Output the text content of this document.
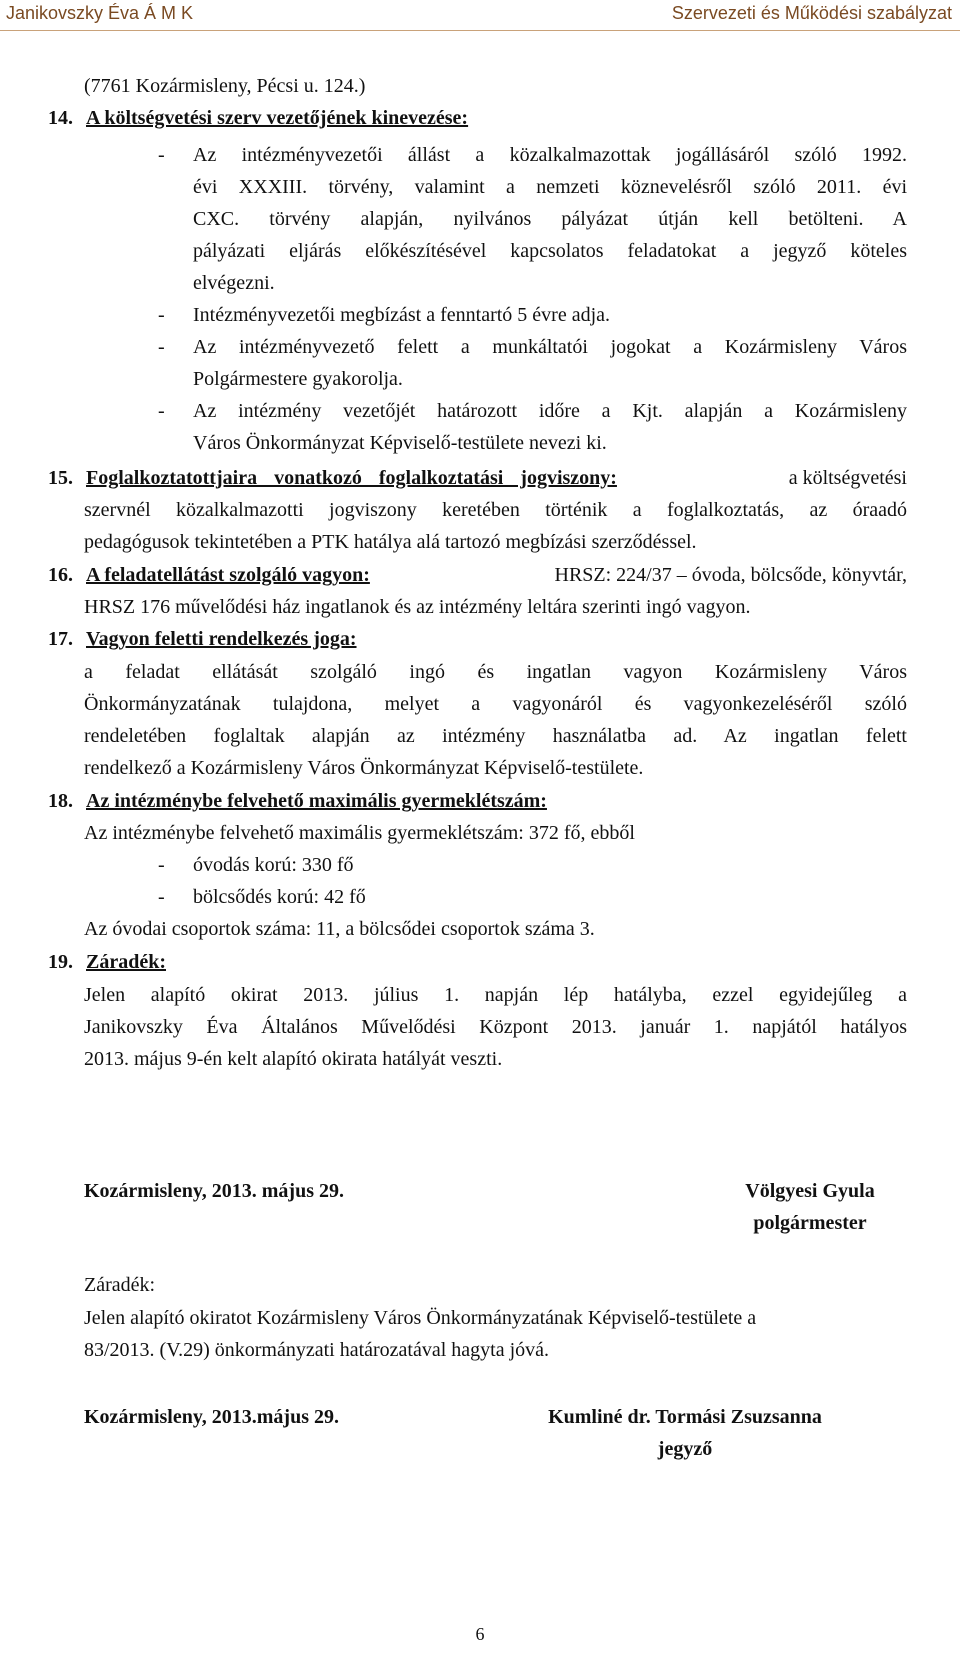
Janikovszky Éva Á M K	Szervezeti és Működési szabályzat
(7761 Kozármisleny, Pécsi u. 124.)
14. A költségvetési szerv vezetőjének kinevezése:
- Az intézményvezetői állást a közalkalmazottak jogállásáról szóló 1992.
évi XXXIII. törvény, valamint a nemzeti köznevelésről szóló 2011. évi
CXC. törvény alapján, nyilvános pályázat útján kell betölteni. A
pályázati eljárás előkészítésével kapcsolatos feladatokat a jegyző köteles
elvégezni.
- Intézményvezetői megbízást a fenntartó 5 évre adja.
- Az intézményvezető felett a munkáltatói jogokat a Kozármisleny Város
Polgármestere gyakorolja.
- Az intézmény vezetőjét határozott időre a Kjt. alapján a Kozármisleny
Város Önkormányzat Képviselő-testülete nevezi ki.
15. Foglalkoztatottjaira vonatkozó foglalkoztatási jogviszony:	a költségvetési
szervnél közalkalmazotti jogviszony keretében történik a foglalkoztatás, az óraadó
pedagógusok tekintetében a PTK hatálya alá tartozó megbízási szerződéssel.
16. A feladatellátást szolgáló vagyon:	HRSZ: 224/37 – óvoda, bölcsőde, könyvtár,
HRSZ 176 művelődési ház ingatlanok és az intézmény leltára szerinti ingó vagyon.
17. Vagyon feletti rendelkezés joga:
a feladat ellátását szolgáló ingó és ingatlan vagyon Kozármisleny Város
Önkormányzatának tulajdona, melyet a vagyonáról és vagyonkezeléséről szóló
rendeletében foglaltak alapján az intézmény használatba ad. Az ingatlan felett
rendelkező a Kozármisleny Város Önkormányzat Képviselő-testülete.
18. Az intézménybe felvehető maximális gyermeklétszám:
Az intézménybe felvehető maximális gyermeklétszám: 372 fő, ebből
- óvodás korú: 330 fő
- bölcsődés korú: 42 fő
Az óvodai csoportok száma: 11, a bölcsődei csoportok száma 3.
19. Záradék:
Jelen alapító okirat 2013. július 1. napján lép hatályba, ezzel egyidejűleg a
Janikovszky Éva Általános Művelődési Központ 2013. január 1. napjától hatályos
2013. május 9-én kelt alapító okirata hatályát veszti.
Kozármisleny, 2013. május 29.	Völgyesi Gyula
polgármester
Záradék:
Jelen alapító okiratot Kozármisleny Város Önkormányzatának Képviselő-testülete a
83/2013. (V.29) önkormányzati határozatával hagyta jóvá.
Kozármisleny, 2013.május 29.	Kumliné dr. Tormási Zsuzsanna
jegyző
6
